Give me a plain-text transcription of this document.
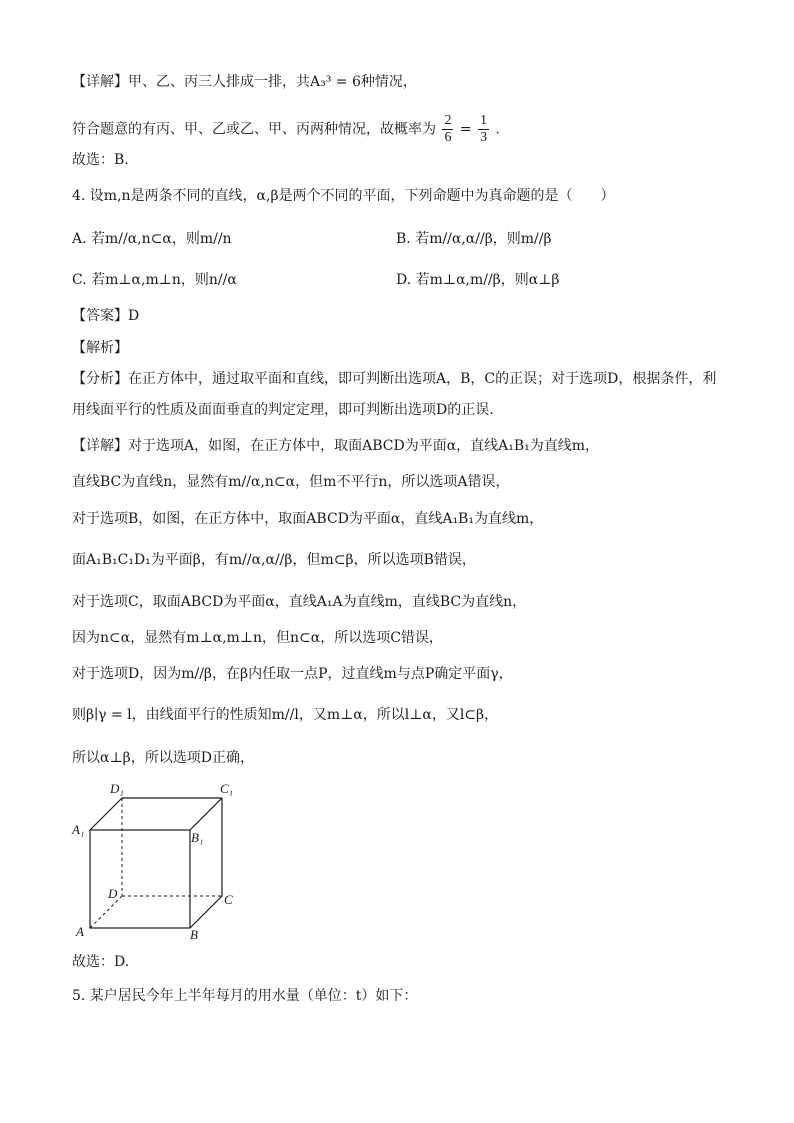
【详解】甲、乙、丙三人排成一排，共A₃³ = 6种情况，
符合题意的有丙、甲、乙或乙、甲、丙两种情况，故概率为 $\frac{2}{6} = \frac{1}{3}$ .
故选：B.
4. 设m,n是两条不同的直线，α,β是两个不同的平面，下列命题中为真命题的是（　　）
A. 若m//α,n⊂α，则m//n	B. 若m//α,α//β，则m//β
C. 若m⊥α,m⊥n，则n//α	D. 若m⊥α,m//β，则α⊥β
【答案】D
【解析】
【分析】在正方体中，通过取平面和直线，即可判断出选项A，B，C的正误；对于选项D，根据条件，利
用线面平行的性质及面面垂直的判定定理，即可判断出选项D的正误.
【详解】对于选项A，如图，在正方体中，取面ABCD为平面α，直线A₁B₁为直线m，
直线BC为直线n，显然有m//α,n⊂α，但m不平行n，所以选项A错误，
对于选项B，如图，在正方体中，取面ABCD为平面α，直线A₁B₁为直线m，
面A₁B₁C₁D₁为平面β，有m//α,α//β，但m⊂β，所以选项B错误，
对于选项C，取面ABCD为平面α，直线A₁A为直线m，直线BC为直线n，
因为n⊂α，显然有m⊥α,m⊥n，但n⊂α，所以选项C错误，
对于选项D，因为m//β，在β内任取一点P，过直线m与点P确定平面γ，
则β∣γ = l，由线面平行的性质知m//l，又m⊥α，所以l⊥α，又l⊂β，
所以α⊥β，所以选项D正确，
D₁	C₁
A₁
B₁
D	C
A	B
故选：D.
5. 某户居民今年上半年每月的用水量（单位：t）如下：
